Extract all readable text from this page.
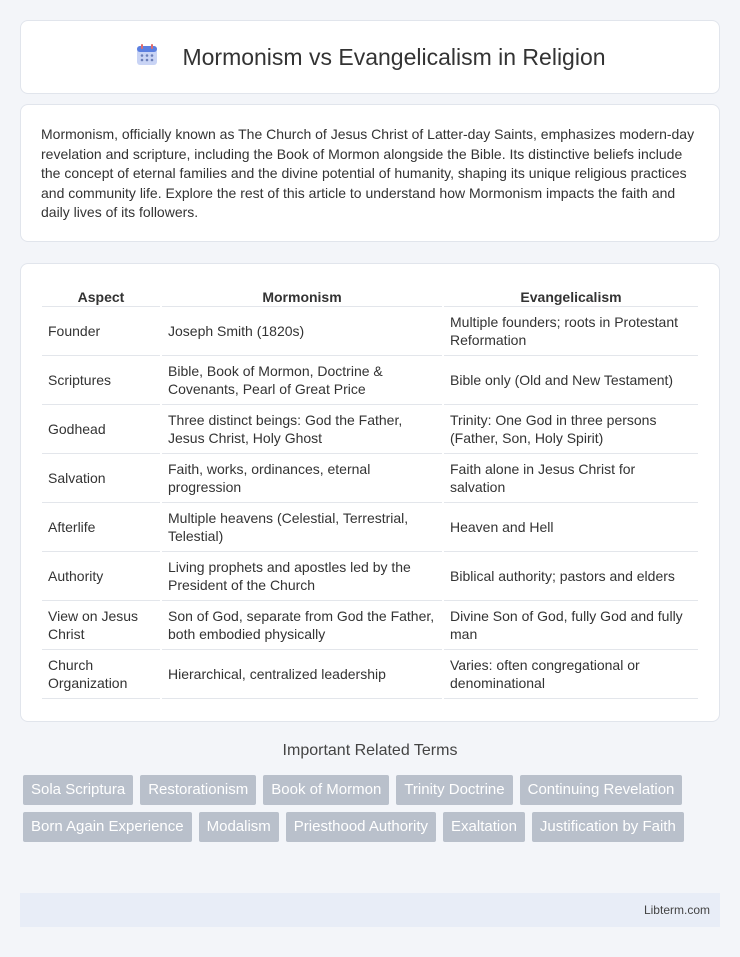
Mormonism vs Evangelicalism in Religion

Mormonism, officially known as The Church of Jesus Christ of Latter-day Saints, emphasizes modern-day revelation and scripture, including the Book of Mormon alongside the Bible. Its distinctive beliefs include the concept of eternal families and the divine potential of humanity, shaping its unique religious practices and community life. Explore the rest of this article to understand how Mormonism impacts the faith and daily lives of its followers.

Aspect	Mormonism	Evangelicalism
Founder	Joseph Smith (1820s)	Multiple founders; roots in Protestant Reformation
Scriptures	Bible, Book of Mormon, Doctrine & Covenants, Pearl of Great Price	Bible only (Old and New Testament)
Godhead	Three distinct beings: God the Father, Jesus Christ, Holy Ghost	Trinity: One God in three persons (Father, Son, Holy Spirit)
Salvation	Faith, works, ordinances, eternal progression	Faith alone in Jesus Christ for salvation
Afterlife	Multiple heavens (Celestial, Terrestrial, Telestial)	Heaven and Hell
Authority	Living prophets and apostles led by the President of the Church	Biblical authority; pastors and elders
View on Jesus Christ	Son of God, separate from God the Father, both embodied physically	Divine Son of God, fully God and fully man
Church Organization	Hierarchical, centralized leadership	Varies: often congregational or denominational
Important Related Terms
Sola Scriptura	Restorationism	Book of Mormon	Trinity Doctrine	Continuing Revelation
Born Again Experience	Modalism	Priesthood Authority	Exaltation	Justification by Faith
Libterm.com
